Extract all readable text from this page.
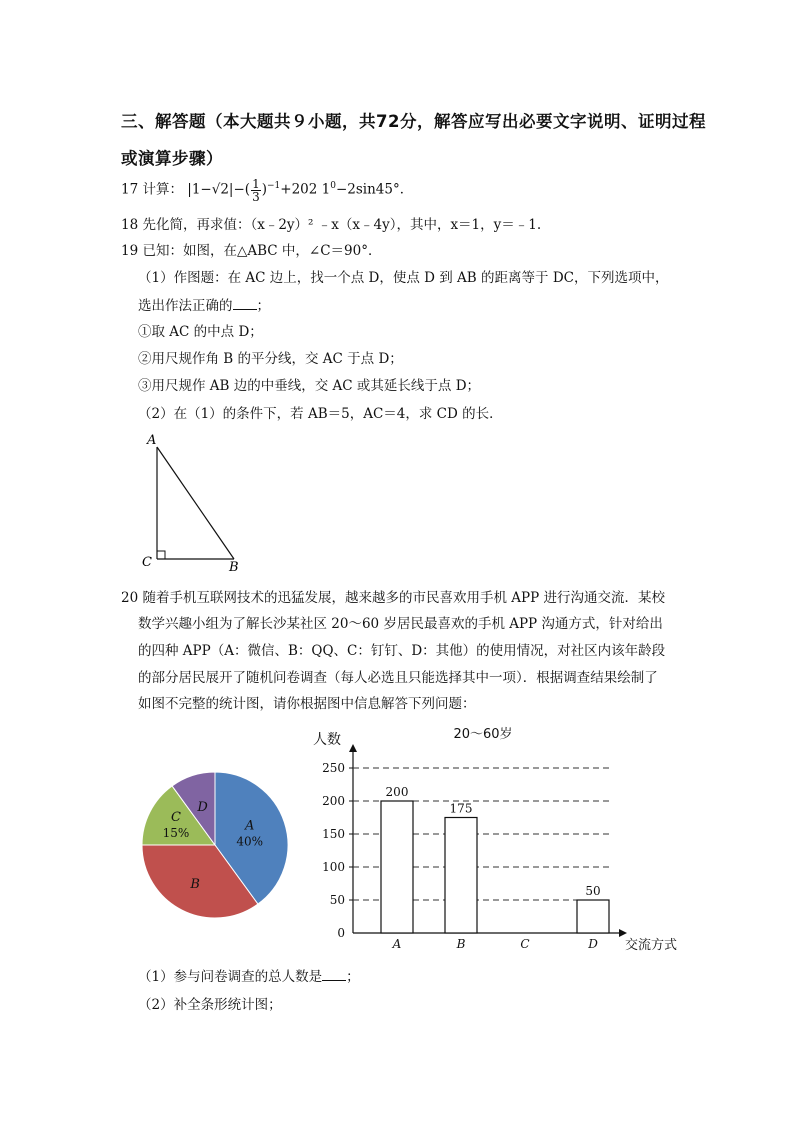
三、解答题（本大题共９小题，共72分，解答应写出必要文字说明、证明过程
或演算步骤）
17 计算： $|1-√2|-( \frac{1}{3} )^{-1}+202$ $1^0-2\sin 45^\circ$．
18 先化简，再求值：（x﹣2y）² ﹣x（x﹣4y），其中，x＝1，y＝﹣1.
19 已知：如图，在△ABC 中，∠C＝90°．
（1）作图题：在 AC 边上，找一个点 D，使点 D 到 AB 的距离等于 DC，下列选项中，
选出作法正确的 ；
①取 AC 的中点 D；
②用尺规作角 B 的平分线，交 AC 于点 D；
③用尺规作 AB 边的中垂线，交 AC 或其延长线于点 D；
（2）在（1）的条件下，若 AB＝5，AC＝4，求 CD 的长．
A
C	B
20 随着手机互联网技术的迅猛发展，越来越多的市民喜欢用手机 APP 进行沟通交流．某校
数学兴趣小组为了解长沙某社区 20～60 岁居民最喜欢的手机 APP 沟通方式，针对给出
的四种 APP（A：微信、B：QQ、C：钉钉、D：其他）的使用情况，对社区内该年龄段
的部分居民展开了随机问卷调查（每人必选且只能选择其中一项）．根据调查结果绘制了
如图不完整的统计图，请你根据图中信息解答下列问题：
A
40%
B
C
15%
D
0
50
100
150
200
250
200
A
175
B	C
50
D
人数
交流方式
20～60岁
（1）参与问卷调查的总人数是 ；
（2）补全条形统计图；
